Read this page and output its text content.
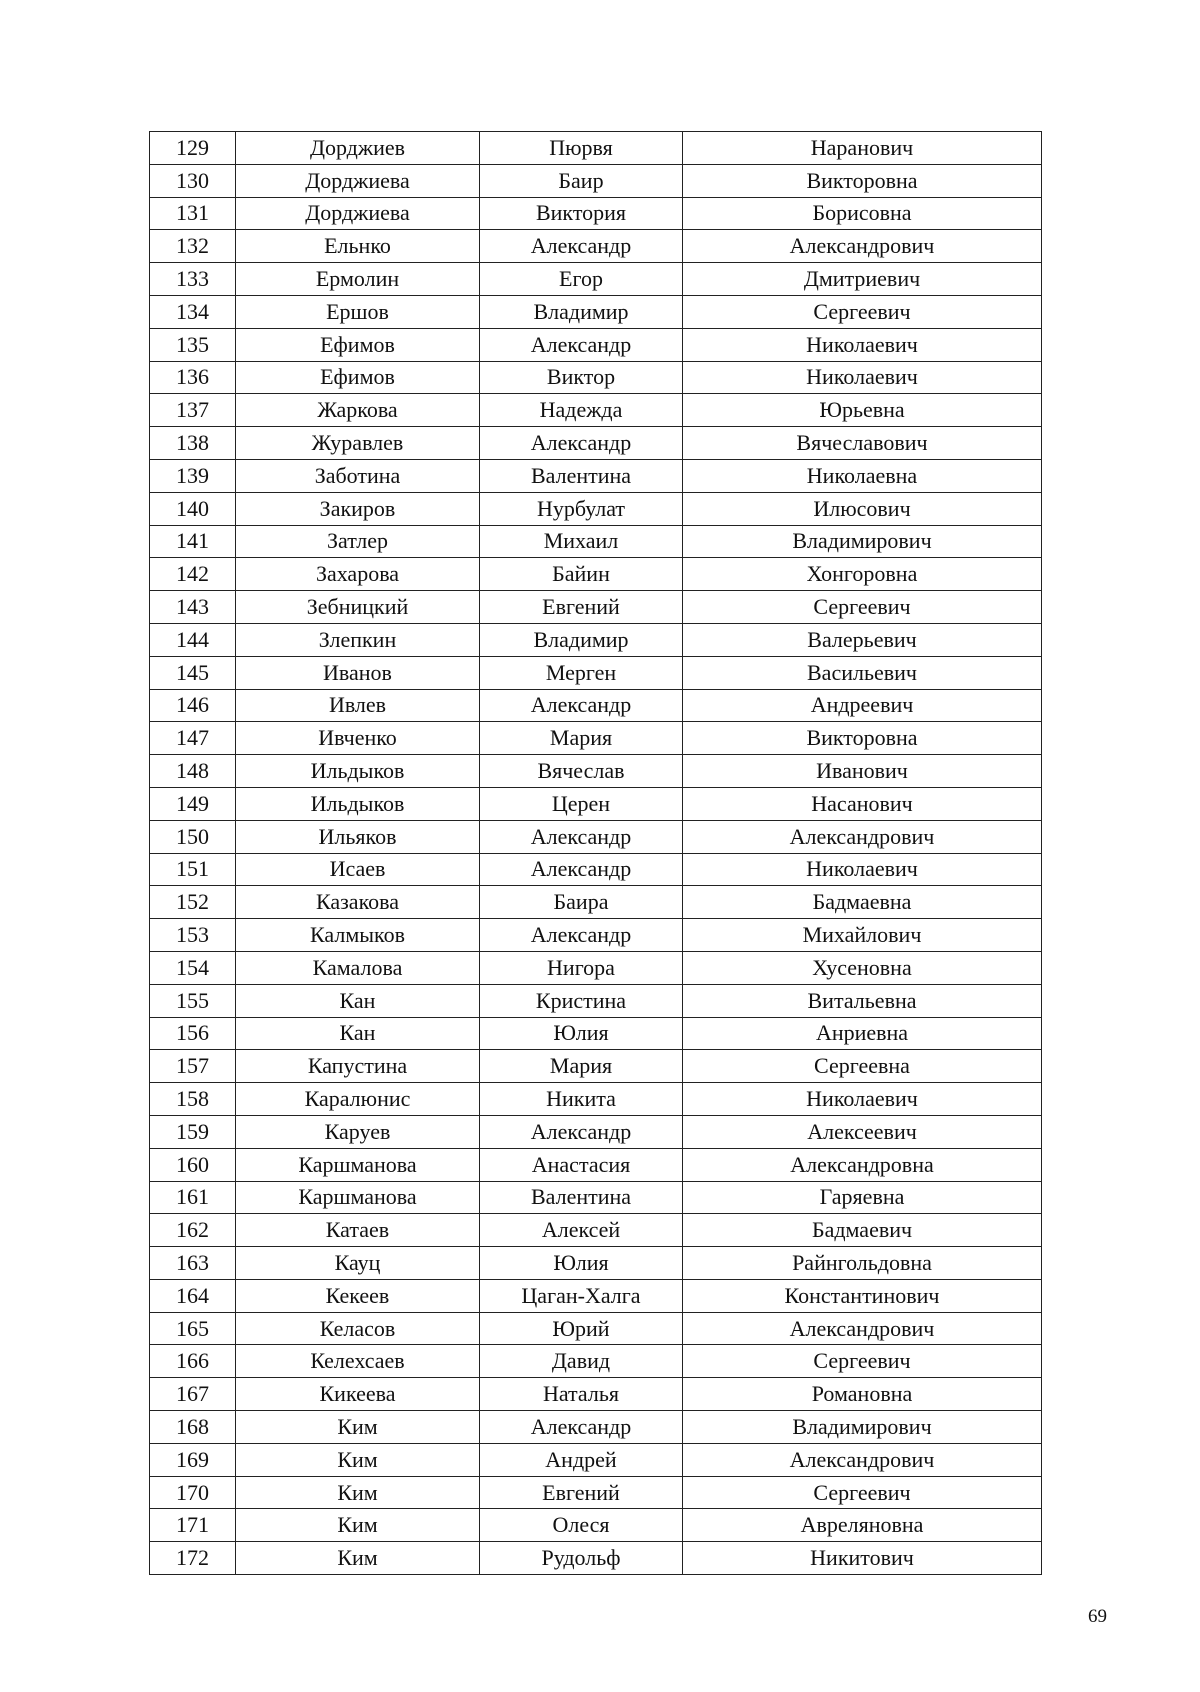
129	Дорджиев	Пюрвя	Наранович
130	Дорджиева	Баир	Викторовна
131	Дорджиева	Виктория	Борисовна
132	Ельнко	Александр	Александрович
133	Ермолин	Егор	Дмитриевич
134	Ершов	Владимир	Сергеевич
135	Ефимов	Александр	Николаевич
136	Ефимов	Виктор	Николаевич
137	Жаркова	Надежда	Юрьевна
138	Журавлев	Александр	Вячеславович
139	Заботина	Валентина	Николаевна
140	Закиров	Нурбулат	Илюсович
141	Затлер	Михаил	Владимирович
142	Захарова	Байин	Хонгоровна
143	Зебницкий	Евгений	Сергеевич
144	Злепкин	Владимир	Валерьевич
145	Иванов	Мерген	Васильевич
146	Ивлев	Александр	Андреевич
147	Ивченко	Мария	Викторовна
148	Ильдыков	Вячеслав	Иванович
149	Ильдыков	Церен	Насанович
150	Ильяков	Александр	Александрович
151	Исаев	Александр	Николаевич
152	Казакова	Баира	Бадмаевна
153	Калмыков	Александр	Михайлович
154	Камалова	Нигора	Хусеновна
155	Кан	Кристина	Витальевна
156	Кан	Юлия	Анриевна
157	Капустина	Мария	Сергеевна
158	Каралюнис	Никита	Николаевич
159	Каруев	Александр	Алексеевич
160	Каршманова	Анастасия	Александровна
161	Каршманова	Валентина	Гаряевна
162	Катаев	Алексей	Бадмаевич
163	Кауц	Юлия	Райнгольдовна
164	Кекеев	Цаган-Халга	Константинович
165	Келасов	Юрий	Александрович
166	Келехсаев	Давид	Сергеевич
167	Кикеева	Наталья	Романовна
168	Ким	Александр	Владимирович
169	Ким	Андрей	Александрович
170	Ким	Евгений	Сергеевич
171	Ким	Олеся	Авреляновна
172	Ким	Рудольф	Никитович
69
